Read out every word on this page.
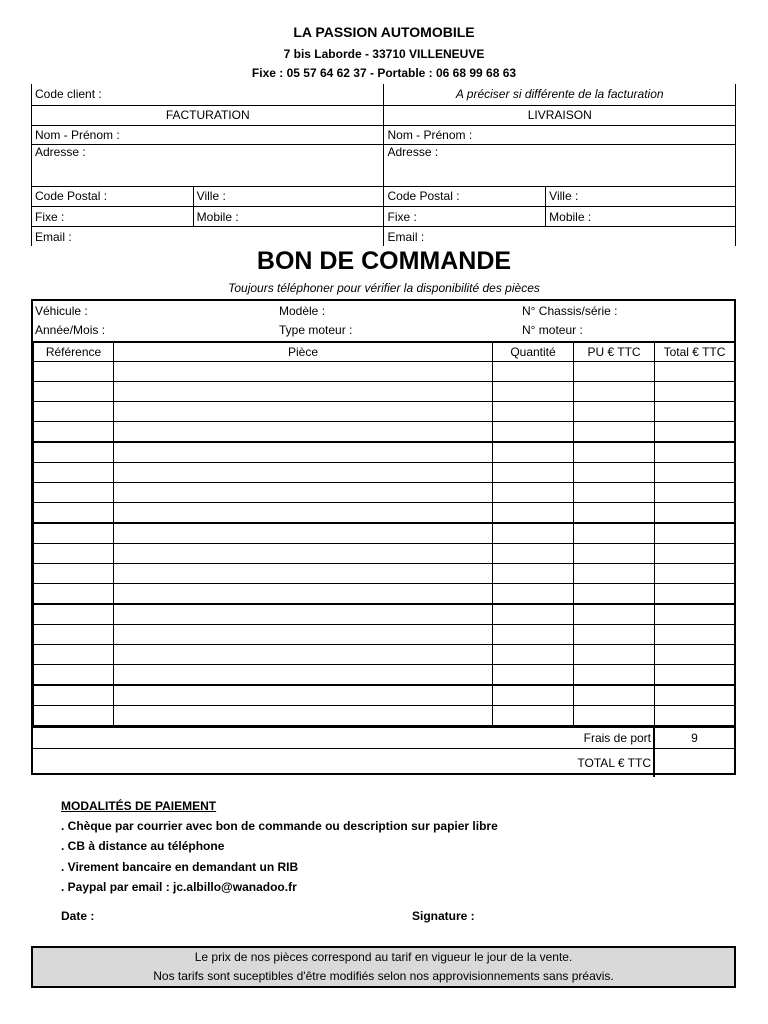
LA PASSION AUTOMOBILE
7 bis Laborde - 33710 VILLENEUVE
Fixe : 05 57 64 62 37 - Portable : 06 68 99 68 63
Code client :		A préciser si différente de la facturation	
FACTURATION		LIVRAISON	
Nom - Prénom :		Nom - Prénom :	
Adresse :		Adresse :	
Code Postal :	Ville :	Code Postal :	Ville :
Fixe :	Mobile :	Fixe :	Mobile :
Email :		Email :	
BON DE COMMANDE
Toujours téléphoner pour vérifier la disponibilité des pièces
Véhicule :	Modèle :	N° Chassis/série :
Année/Mois :	Type moteur :	N° moteur :
Référence	Pièce	Quantité	PU € TTC	Total € TTC

Frais de port	9
TOTAL € TTC	
MODALITÉS DE PAIEMENT
. Chèque par courrier avec bon de commande ou description sur papier libre
. CB à distance au téléphone
. Virement bancaire en demandant un RIB
. Paypal par email : jc.albillo@wanadoo.fr
Date :	Signature :
Le prix de nos pièces correspond au tarif en vigueur le jour de la vente.
Nos tarifs sont suceptibles d'être modifiés selon nos approvisionnements sans préavis.
